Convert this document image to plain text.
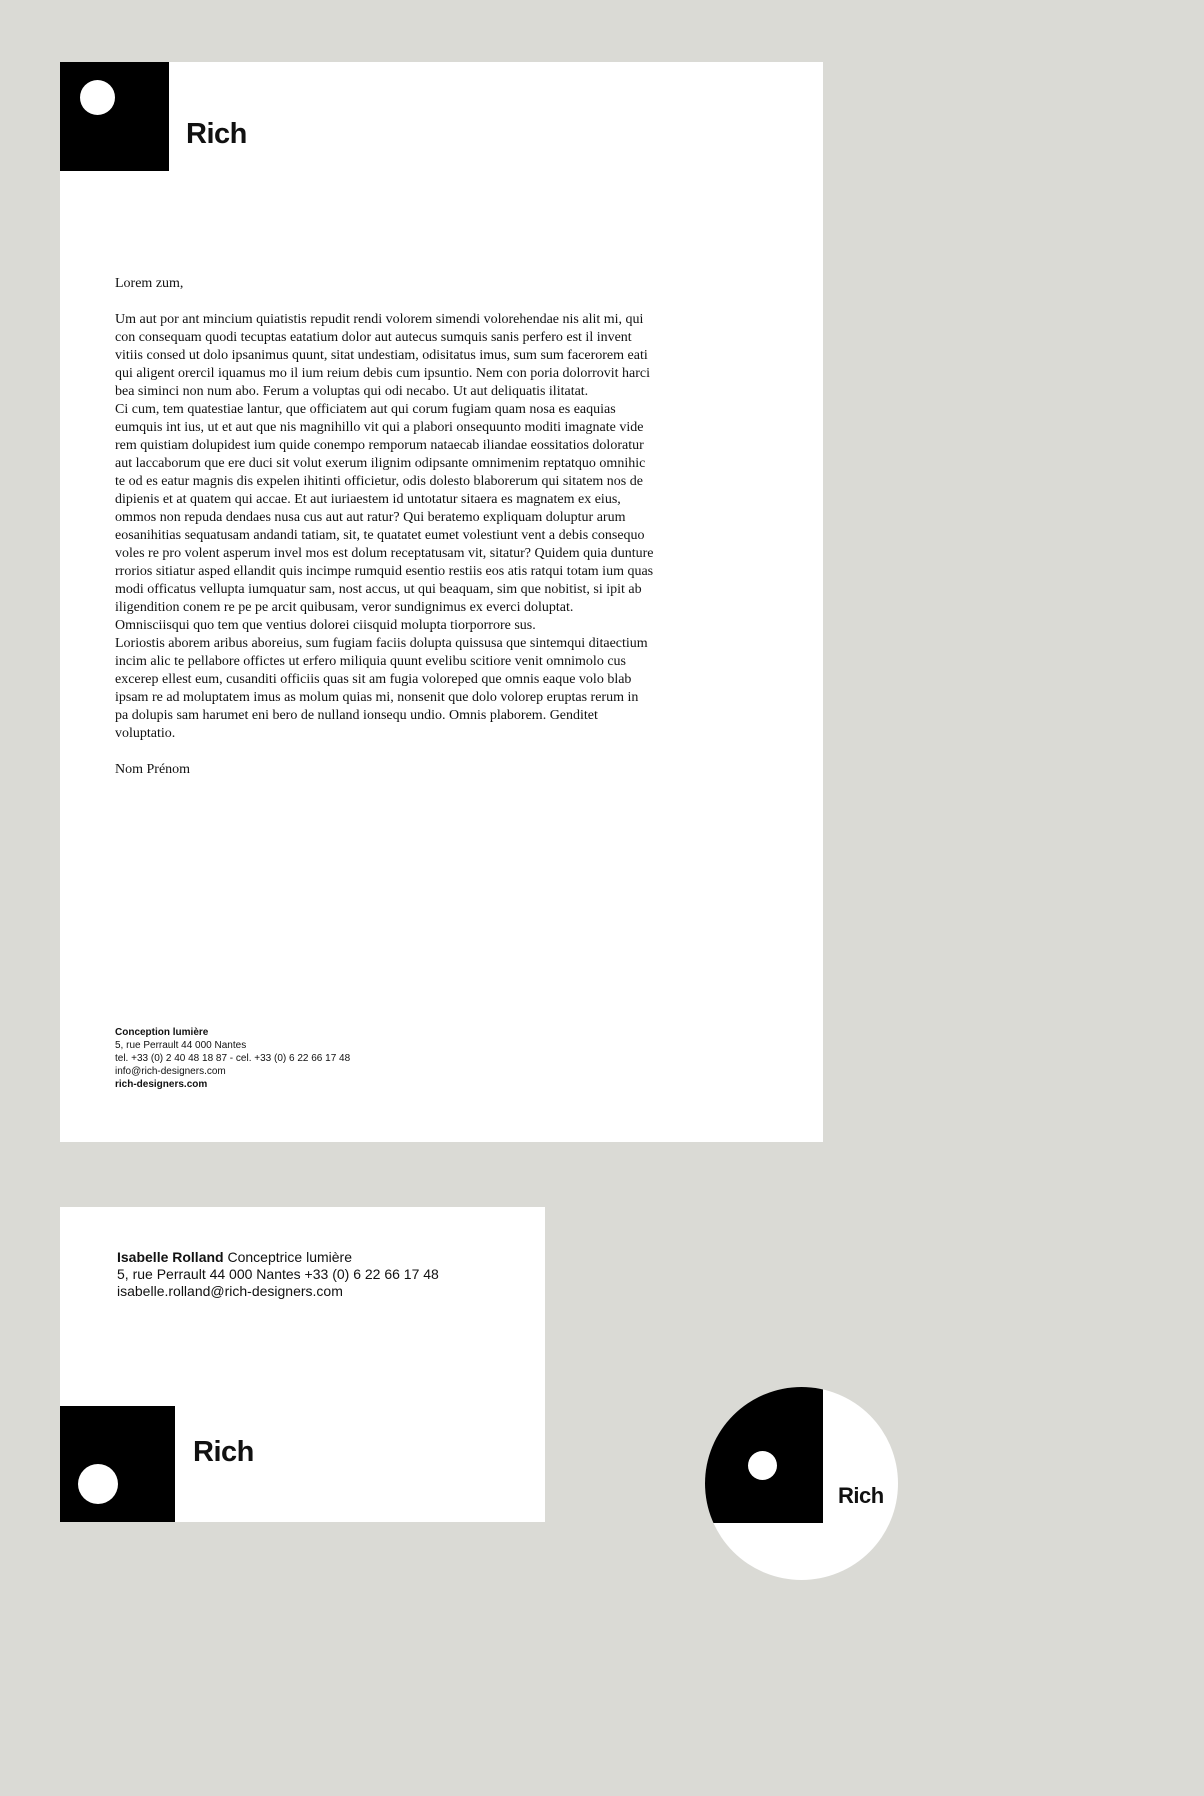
Rich

Lorem zum,

Um aut por ant mincium quiatistis repudit rendi volorem simendi volorehendae nis alit mi, qui con consequam quodi tecuptas eatatium dolor aut autecus sumquis sanis perfero est il invent vitiis consed ut dolo ipsanimus quunt, sitat undestiam, odisitatus imus, sum sum facerorem eati qui aligent orercil iquamus mo il ium reium debis cum ipsuntio. Nem con poria dolorrovit harci bea siminci non num abo. Ferum a voluptas qui odi necabo. Ut aut deliquatis ilitatat.

Ci cum, tem quatestiae lantur, que officiatem aut qui corum fugiam quam nosa es eaquias eumquis int ius, ut et aut que nis magnihillo vit qui a plabori onsequunto moditi imagnate vide rem quistiam dolupidest ium quide conempo remporum nataecab iliandae eossitatios doloratur aut laccaborum que ere duci sit volut exerum ilignim odipsante omnimenim reptatquo omnihic te od es eatur magnis dis expelen ihitinti officietur, odis dolesto blaborerum qui sitatem nos de dipienis et at quatem qui accae. Et aut iuriaestem id untotatur sitaera es magnatem ex eius, ommos non repuda dendaes nusa cus aut aut ratur? Qui beratemo expliquam doluptur arum eosanihitias sequatusam andandi tatiam, sit, te quatatet eumet volestiunt vent a debis consequo voles re pro volent asperum invel mos est dolum receptatusam vit, sitatur? Quidem quia dunture rrorios sitiatur asped ellandit quis incimpe rumquid esentio restiis eos atis ratqui totam ium quas modi officatus vellupta iumquatur sam, nost accus, ut qui beaquam, sim que nobitist, si ipit ab iligendition conem re pe pe arcit quibusam, veror sundignimus ex everci doluptat.

Omnisciisqui quo tem que ventius dolorei ciisquid molupta tiorporrore sus.

Loriostis aborem aribus aboreius, sum fugiam faciis dolupta quissusa que sintemqui ditaectium incim alic te pellabore offictes ut erfero miliquia quunt evelibu scitiore venit omnimolo cus excerep ellest eum, cusanditi officiis quas sit am fugia voloreped que omnis eaque volo blab ipsam re ad moluptatem imus as molum quias mi, nonsenit que dolo volorep eruptas rerum in pa dolupis sam harumet eni bero de nulland ionsequ undio. Omnis plaborem. Genditet voluptatio.

Nom Prénom

Conception lumière
5, rue Perrault 44 000 Nantes
tel. +33 (0) 2 40 48 18 87 - cel. +33 (0) 6 22 66 17 48
info@rich-designers.com
rich-designers.com
Isabelle Rolland Conceptrice lumière
5, rue Perrault 44 000 Nantes +33 (0) 6 22 66 17 48
isabelle.rolland@rich-designers.com
Rich
Rich
